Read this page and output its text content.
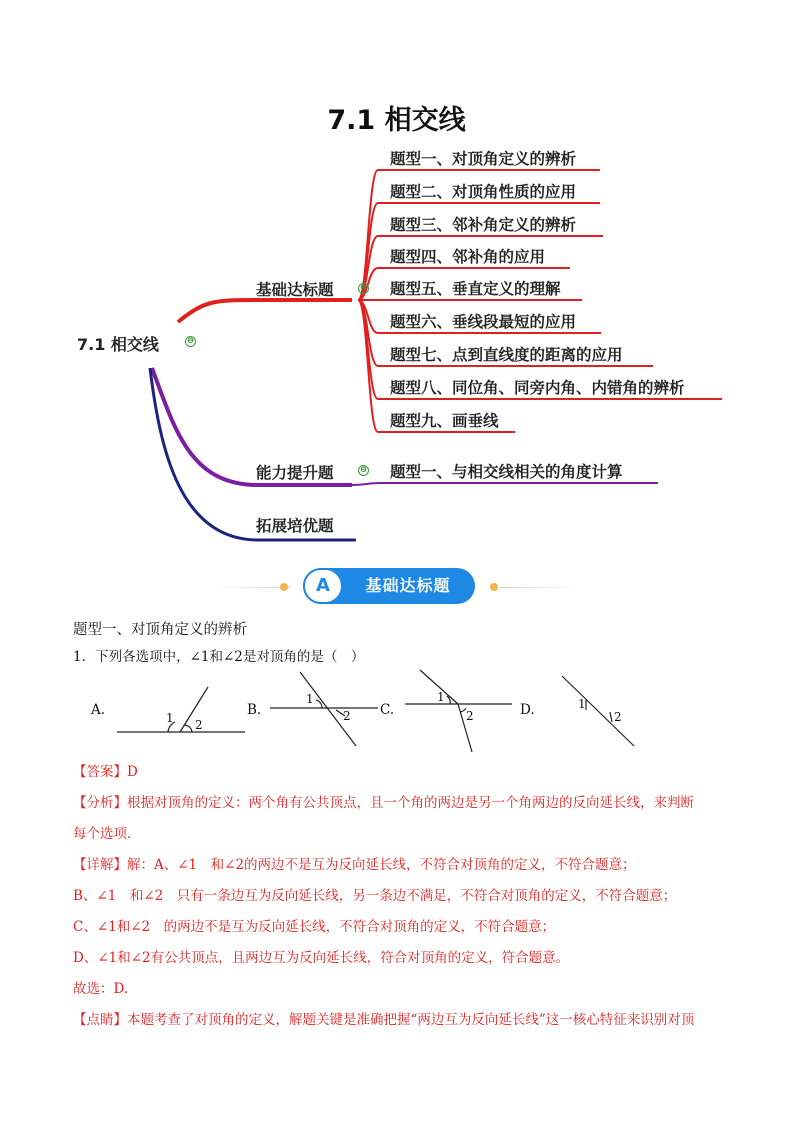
7.1 相交线
7.1 相交线	⊖
基础达标题	⊖
能力提升题	⊖
拓展培优题
题型一、对顶角定义的辨析
题型二、对顶角性质的应用
题型三、邻补角定义的辨析
题型四、邻补角的应用
题型五、垂直定义的理解
题型六、垂线段最短的应用
题型七、点到直线度的距离的应用
题型八、同位角、同旁内角、内错角的辨析
题型九、画垂线
题型一、与相交线相关的角度计算
A	基础达标题
题型一、对顶角定义的辨析
1．下列各选项中，∠1和∠2是对顶角的是（　）
A.	B.	C.	D.
1 2
1
2
1
2
1
2
【答案】D
【分析】根据对顶角的定义：两个角有公共顶点，且一个角的两边是另一个角两边的反向延长线，来判断
每个选项.
【详解】解：A、∠1　和∠2的两边不是互为反向延长线，不符合对顶角的定义，不符合题意；
B、∠1　和∠2　只有一条边互为反向延长线，另一条边不满足，不符合对顶角的定义，不符合题意；
C、∠1和∠2　的两边不是互为反向延长线，不符合对顶角的定义，不符合题意；
D、∠1和∠2有公共顶点，且两边互为反向延长线，符合对顶角的定义，符合题意。
故选：D.
【点睛】本题考查了对顶角的定义，解题关键是准确把握“两边互为反向延长线”这一核心特征来识别对顶
